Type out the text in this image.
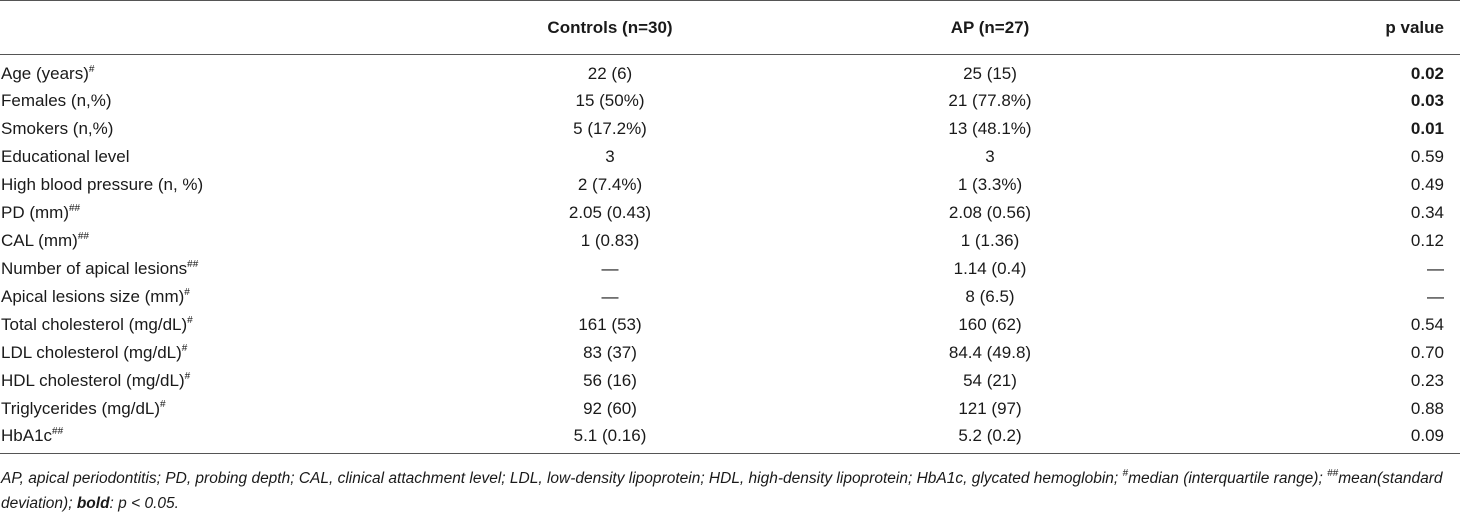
	Controls (n=30)	AP (n=27)	p value
Age (years)#	22 (6)	25 (15)	0.02
Females (n,%)	15 (50%)	21 (77.8%)	0.03
Smokers (n,%)	5 (17.2%)	13 (48.1%)	0.01
Educational level	3	3	0.59
High blood pressure (n, %)	2 (7.4%)	1 (3.3%)	0.49
PD (mm)##	2.05 (0.43)	2.08 (0.56)	0.34
CAL (mm)##	1 (0.83)	1 (1.36)	0.12
Number of apical lesions##	—	1.14 (0.4)	—
Apical lesions size (mm)#	—	8 (6.5)	—
Total cholesterol (mg/dL)#	161 (53)	160 (62)	0.54
LDL cholesterol (mg/dL)#	83 (37)	84.4 (49.8)	0.70
HDL cholesterol (mg/dL)#	56 (16)	54 (21)	0.23
Triglycerides (mg/dL)#	92 (60)	121 (97)	0.88
HbA1c##	5.1 (0.16)	5.2 (0.2)	0.09
AP, apical periodontitis; PD, probing depth; CAL, clinical attachment level; LDL, low-density lipoprotein; HDL, high-density lipoprotein; HbA1c, glycated hemoglobin; #median (interquartile range); ##mean(standard deviation); bold: p < 0.05.
